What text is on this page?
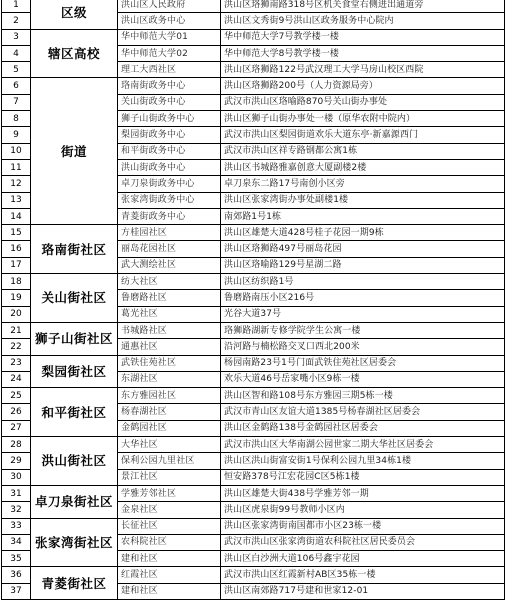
1	区级	洪山区人民政府	洪山区珞狮南路318号区机关食堂右侧进出通道旁
2		洪山区政务中心	洪山区文秀街9号洪山区政务服务中心院内
3	辖区高校	华中师范大学01	华中师范大学7号教学楼一楼
4		华中师范大学02	华中师范大学8号教学楼一楼
5		理工大西社区	洪山区珞狮路122号武汉理工大学马房山校区西院
6	街道	珞南街政务中心	洪山区珞狮路200号（人力资源局旁）
7		关山街政务中心	武汉市洪山区珞喻路870号关山街办事处
8		狮子山街政务中心	洪山区狮子山街办事处一楼（原华农附中院内）
9		梨园街政务中心	武汉市洪山区梨园街道欢乐大道东亭·新嘉源西门
10		和平街政务中心	武汉市洪山区祥专路钢都公寓1栋
11		洪山街政务中心	洪山区书城路雅嘉创意大厦副楼2楼
12		卓刀泉街政务中心	卓刀泉东二路17号南创小区旁
13		张家湾街政务中心	洪山区张家湾街办事处副楼1楼
14		青菱街政务中心	南郊路1号1栋
15	珞南街社区	方桂园社区	洪山区雄楚大道428号桂子花园一期9栋
16		丽岛花园社区	洪山区珞狮路497号丽岛花园
17		武大测绘社区	洪山区珞喻路129号星湖二路
18	关山街社区	纺大社区	洪山区纺织路1号
19		鲁磨路社区	鲁磨路南压小区216号
20		葛光社区	光谷大道37号
21	狮子山街社区	书城路社区	珞狮路湖新专修学院学生公寓一楼
22		通惠社区	沿河路与楠松路交叉口西北200米
23	梨园街社区	武铁住苑社区	杨园南路23号1号门面武铁住苑社区居委会
24		东湖社区	欢乐大道46号岳家嘴小区9栋一楼
25	和平街社区	东方雅园社区	洪山区智和路108号东方雅园三期5栋一楼
26		杨春湖社区	武汉市青山区友谊大道1385号杨春湖社区居委会
27		金鹤园社区	洪山区金鹤路138号金鹤园社区居委会
28	洪山街社区	大华社区	武汉市洪山区大华南湖公园世家二期大华社区居委会
29		保利公园九里社区	洪山区洪山街富安街1号保利公园九里34栋1楼
30		景江社区	恒安路378号江宏花园C区5栋1楼
31	卓刀泉街社区	学雅芳邻社区	洪山区雄楚大街438号学雅芳邻一期
32		金泉社区	洪山区虎泉街99号教师小区内
33	张家湾街社区	长征社区	洪山区张家湾街南国都市小区23栋一楼
34		农科院社区	武汉市洪山区张家湾街道农科院社区居民委员会
35		建和社区	洪山区白沙洲大道106号鑫宇花园
36	青菱街社区	红霞社区	武汉市洪山区红霞新村AB区35栋一楼
37		建和社区	洪山区南郊路717号建和世家12-01
